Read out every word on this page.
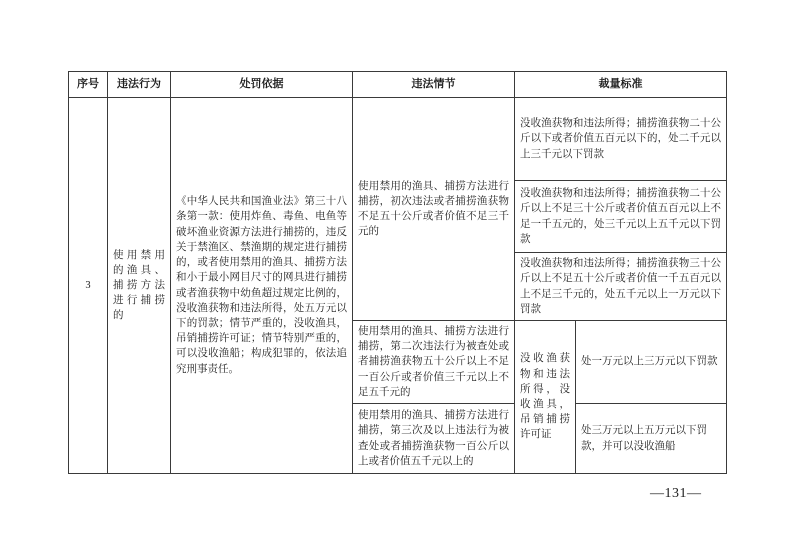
序号	违法行为	处罚依据	违法情节	裁量标准	
3	使用禁用的渔具、捕捞方法进行捕捞的	《中华人民共和国渔业法》第三十八条第一款：使用炸鱼、毒鱼、电鱼等破坏渔业资源方法进行捕捞的，违反关于禁渔区、禁渔期的规定进行捕捞的，或者使用禁用的渔具、捕捞方法和小于最小网目尺寸的网具进行捕捞或者渔获物中幼鱼超过规定比例的，没收渔获物和违法所得，处五万元以下的罚款；情节严重的，没收渔具，吊销捕捞许可证；情节特别严重的，可以没收渔船；构成犯罪的，依法追究刑事责任。	使用禁用的渔具、捕捞方法进行捕捞，初次违法或者捕捞渔获物不足五十公斤或者价值不足三千元的	没收渔获物和违法所得；捕捞渔获物二十公斤以下或者价值五百元以下的，处二千元以上三千元以下罚款	
				没收渔获物和违法所得；捕捞渔获物二十公斤以上不足三十公斤或者价值五百元以上不足一千五元的，处三千元以上五千元以下罚款	
				没收渔获物和违法所得；捕捞渔获物三十公斤以上不足五十公斤或者价值一千五百元以上不足三千元的，处五千元以上一万元以下罚款	
			使用禁用的渔具、捕捞方法进行捕捞，第二次违法行为被查处或者捕捞渔获物五十公斤以上不足一百公斤或者价值三千元以上不足五千元的	没收渔获物和违法所得，没收渔具，吊销捕捞许可证	处一万元以上三万元以下罚款
			使用禁用的渔具、捕捞方法进行捕捞，第三次及以上违法行为被查处或者捕捞渔获物一百公斤以上或者价值五千元以上的		处三万元以上五万元以下罚款，并可以没收渔船
—131—
